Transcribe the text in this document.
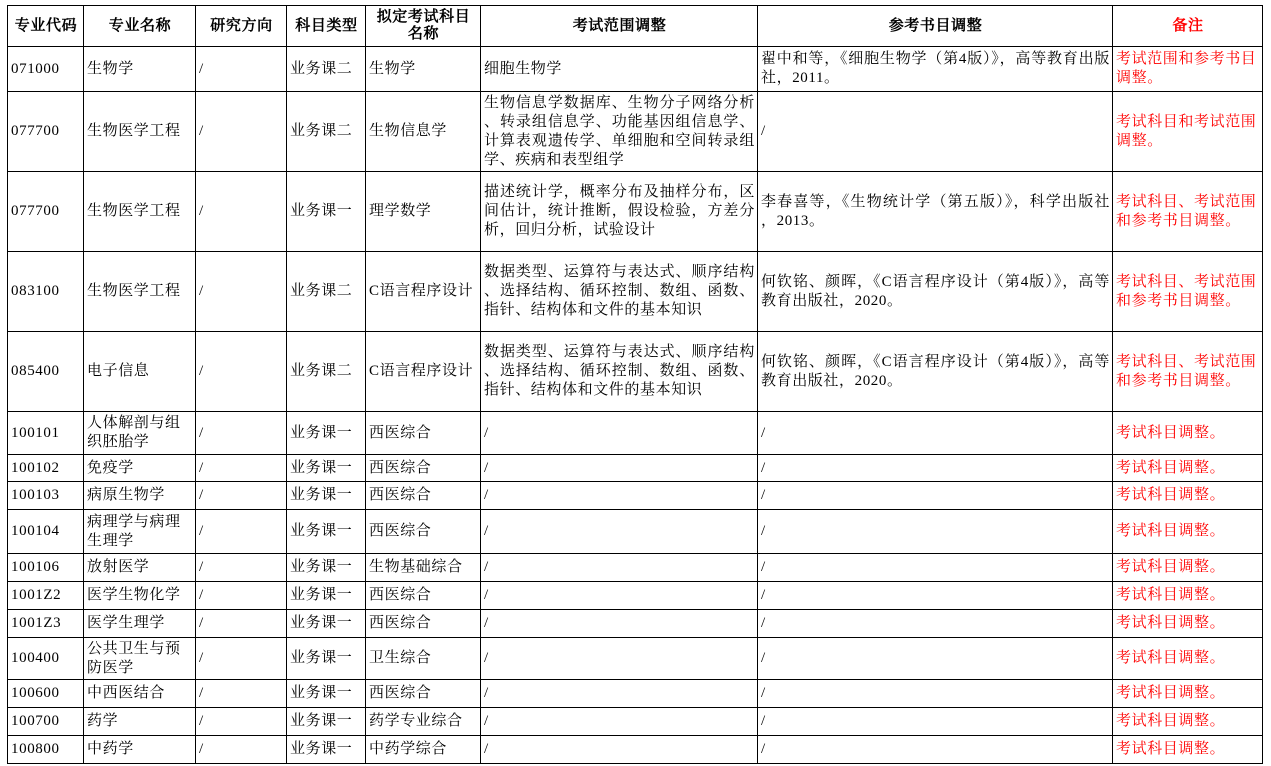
专业代码	专业名称	研究方向	科目类型	拟定考试科目名称	考试范围调整	参考书目调整	备注
071000	生物学	/	业务课二	生物学	细胞生物学	翟中和等，《细胞生物学（第4版）》，高等教育出版社，2011。	考试范围和参考书目调整。
077700	生物医学工程	/	业务课二	生物信息学	生物信息学数据库、生物分子网络分析、转录组信息学、功能基因组信息学、计算表观遗传学、单细胞和空间转录组学、疾病和表型组学	/	考试科目和考试范围调整。
077700	生物医学工程	/	业务课一	理学数学	描述统计学，概率分布及抽样分布，区间估计，统计推断，假设检验，方差分析，回归分析，试验设计	李春喜等，《生物统计学（第五版）》，科学出版社，2013。	考试科目、考试范围和参考书目调整。
083100	生物医学工程	/	业务课二	C语言程序设计	数据类型、运算符与表达式、顺序结构、选择结构、循环控制、数组、函数、指针、结构体和文件的基本知识	何钦铭、颜晖，《C语言程序设计（第4版）》，高等教育出版社，2020。	考试科目、考试范围和参考书目调整。
085400	电子信息	/	业务课二	C语言程序设计	数据类型、运算符与表达式、顺序结构、选择结构、循环控制、数组、函数、指针、结构体和文件的基本知识	何钦铭、颜晖，《C语言程序设计（第4版）》，高等教育出版社，2020。	考试科目、考试范围和参考书目调整。
100101	人体解剖与组织胚胎学	/	业务课一	西医综合	/	/	考试科目调整。
100102	免疫学	/	业务课一	西医综合	/	/	考试科目调整。
100103	病原生物学	/	业务课一	西医综合	/	/	考试科目调整。
100104	病理学与病理生理学	/	业务课一	西医综合	/	/	考试科目调整。
100106	放射医学	/	业务课一	生物基础综合	/	/	考试科目调整。
1001Z2	医学生物化学	/	业务课一	西医综合	/	/	考试科目调整。
1001Z3	医学生理学	/	业务课一	西医综合	/	/	考试科目调整。
100400	公共卫生与预防医学	/	业务课一	卫生综合	/	/	考试科目调整。
100600	中西医结合	/	业务课一	西医综合	/	/	考试科目调整。
100700	药学	/	业务课一	药学专业综合	/	/	考试科目调整。
100800	中药学	/	业务课一	中药学综合	/	/	考试科目调整。
